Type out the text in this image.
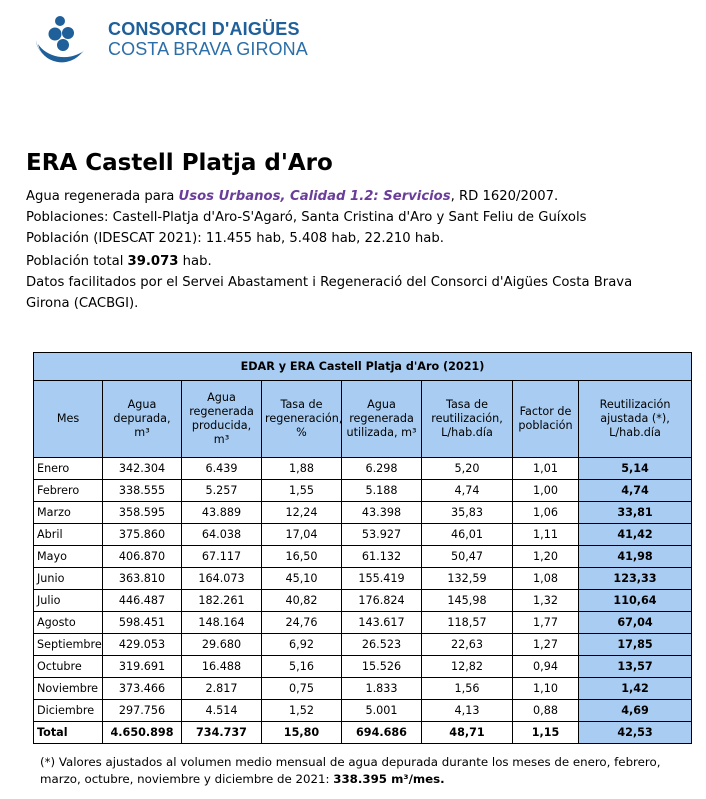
CONSORCI D'AIGÜES
COSTA BRAVA GIRONA
ERA Castell Platja d'Aro

Agua regenerada para Usos Urbanos, Calidad 1.2: Servicios, RD 1620/2007.

Poblaciones: Castell-Platja d'Aro-S'Agaró, Santa Cristina d'Aro y Sant Feliu de Guíxols

Población (IDESCAT 2021): 11.455 hab, 5.408 hab, 22.210 hab.

Población total 39.073 hab.

Datos facilitados por el Servei Abastament i Regeneració del Consorci d'Aigües Costa Brava Girona (CACBGI).

EDAR y ERA Castell Platja d'Aro (2021)							
Mes	Agua
depurada,
m³	Agua
regenerada
producida,
m³	Tasa de
regeneración,
%	Agua
regenerada
utilizada, m³	Tasa de
reutilización,
L/hab.día	Factor de
población	Reutilización
ajustada (*),
L/hab.día
Enero	342.304	6.439	1,88	6.298	5,20	1,01	5,14
Febrero	338.555	5.257	1,55	5.188	4,74	1,00	4,74
Marzo	358.595	43.889	12,24	43.398	35,83	1,06	33,81
Abril	375.860	64.038	17,04	53.927	46,01	1,11	41,42
Mayo	406.870	67.117	16,50	61.132	50,47	1,20	41,98
Junio	363.810	164.073	45,10	155.419	132,59	1,08	123,33
Julio	446.487	182.261	40,82	176.824	145,98	1,32	110,64
Agosto	598.451	148.164	24,76	143.617	118,57	1,77	67,04
Septiembre	429.053	29.680	6,92	26.523	22,63	1,27	17,85
Octubre	319.691	16.488	5,16	15.526	12,82	0,94	13,57
Noviembre	373.466	2.817	0,75	1.833	1,56	1,10	1,42
Diciembre	297.756	4.514	1,52	5.001	4,13	0,88	4,69
Total	4.650.898	734.737	15,80	694.686	48,71	1,15	42,53

(*) Valores ajustados al volumen medio mensual de agua depurada durante los meses de enero, febrero, marzo, octubre, noviembre y diciembre de 2021: 338.395 m³/mes.
